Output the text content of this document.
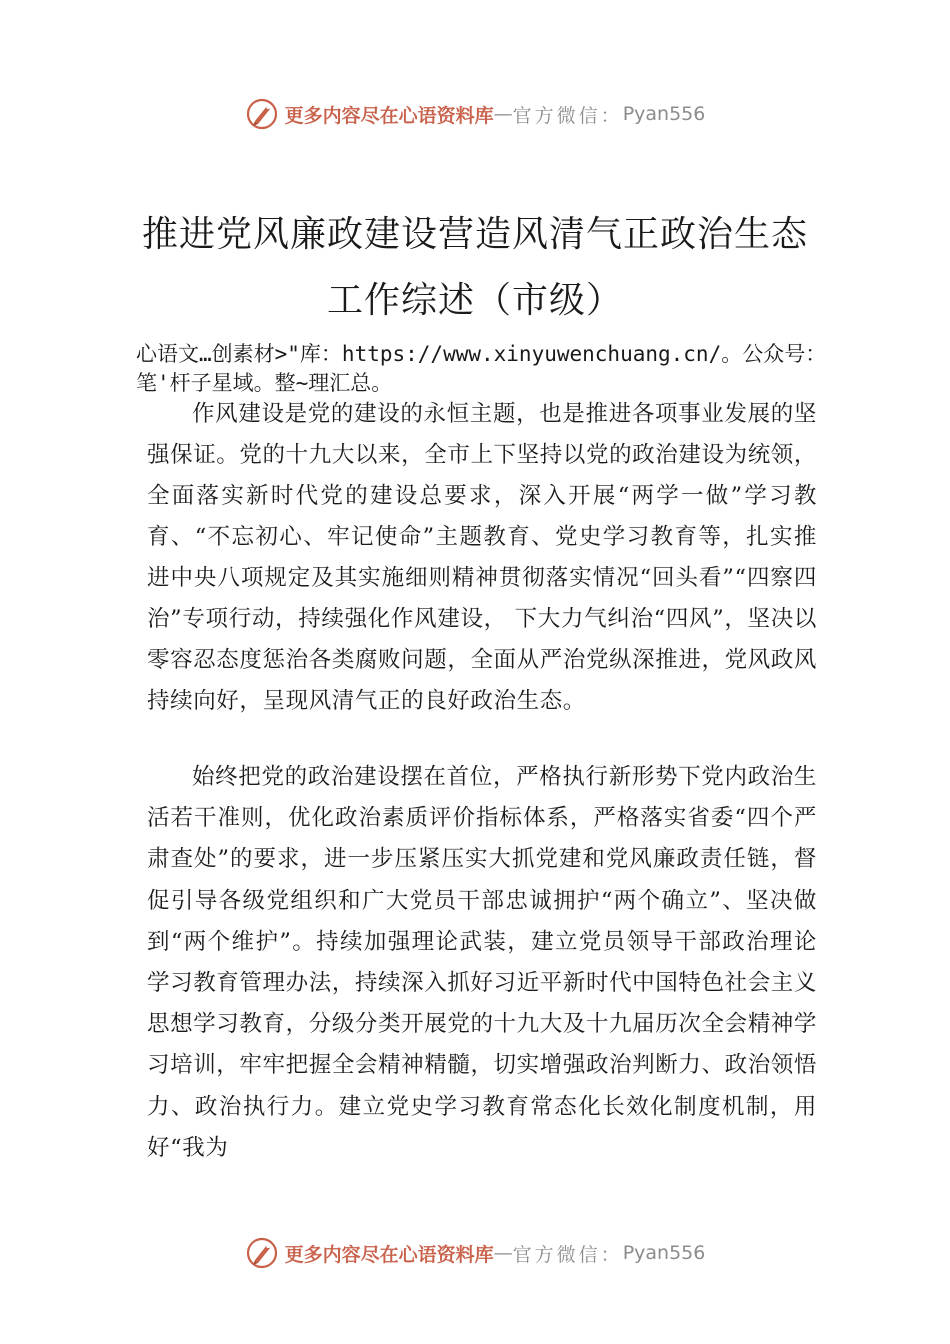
更多内容尽在心语资料库 — 官方微信： Pyan556
推进党风廉政建设营造风清气正政治生态
工作综述（市级）
心语文…创素材>"库：https://www.xinyuwenchuang.cn/。公众号：笔'杆子星域。整~理汇总。
作风建设是党的建设的永恒主题，也是推进各项事业发展的坚强保证。党的十九大以来，全市上下坚持以党的政治建设为统领，全面落实新时代党的建设总要求，深入开展“两学一做”学习教育、“不忘初心、牢记使命”主题教育、党史学习教育等，扎实推进中央八项规定及其实施细则精神贯彻落实情况“回头看”“四察四治”专项行动，持续强化作风建设， 下大力气纠治“四风”，坚决以零容忍态度惩治各类腐败问题，全面从严治党纵深推进，党风政风持续向好，呈现风清气正的良好政治生态。
始终把党的政治建设摆在首位，严格执行新形势下党内政治生活若干准则，优化政治素质评价指标体系，严格落实省委“四个严肃查处”的要求，进一步压紧压实大抓党建和党风廉政责任链，督促引导各级党组织和广大党员干部忠诚拥护“两个确立”、坚决做到“两个维护”。持续加强理论武装，建立党员领导干部政治理论学习教育管理办法，持续深入抓好习近平新时代中国特色社会主义思想学习教育，分级分类开展党的十九大及十九届历次全会精神学习培训，牢牢把握全会精神精髓，切实增强政治判断力、政治领悟力、政治执行力。建立党史学习教育常态化长效化制度机制，用好“我为
更多内容尽在心语资料库 — 官方微信： Pyan556
